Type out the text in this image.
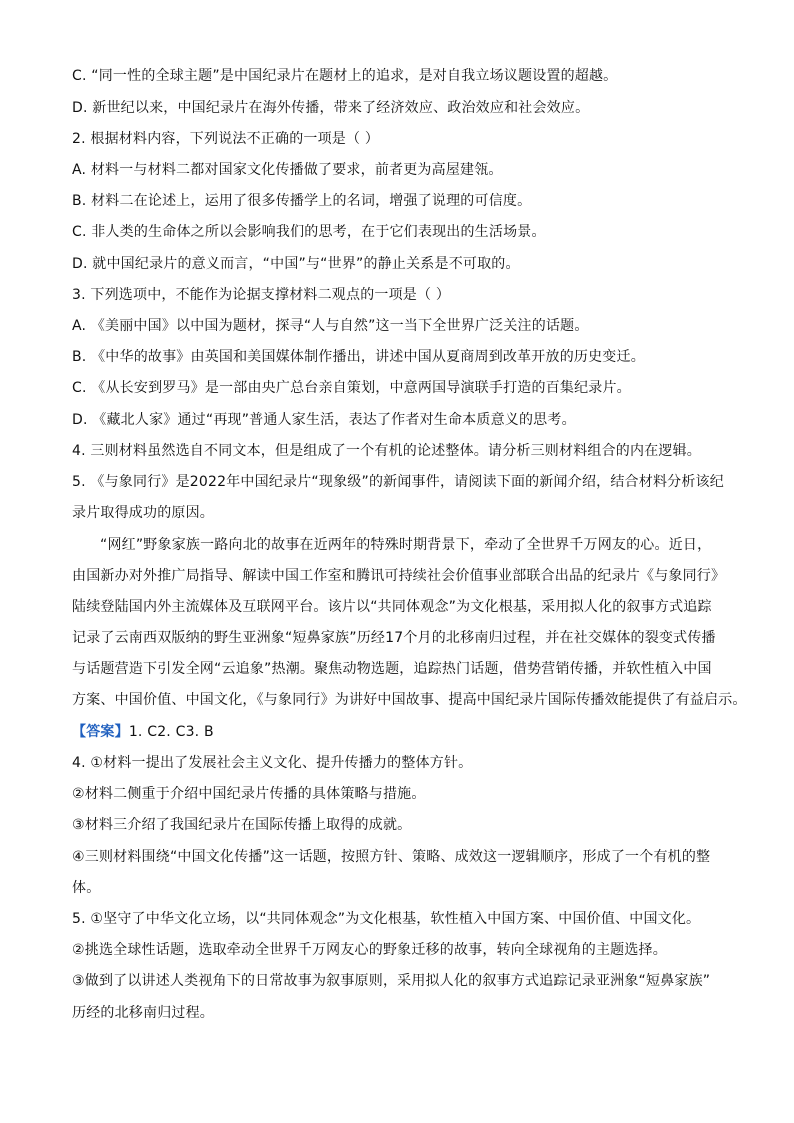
C. “同一性的全球主题”是中国纪录片在题材上的追求，是对自我立场议题设置的超越。
D. 新世纪以来，中国纪录片在海外传播，带来了经济效应、政治效应和社会效应。
2. 根据材料内容，下列说法不正确的一项是（ ）
A. 材料一与材料二都对国家文化传播做了要求，前者更为高屋建瓴。
B. 材料二在论述上，运用了很多传播学上的名词，增强了说理的可信度。
C. 非人类的生命体之所以会影响我们的思考，在于它们表现出的生活场景。
D. 就中国纪录片的意义而言，“中国”与“世界”的静止关系是不可取的。
3. 下列选项中，不能作为论据支撑材料二观点的一项是（ ）
A. 《美丽中国》以中国为题材，探寻“人与自然”这一当下全世界广泛关注的话题。
B. 《中华的故事》由英国和美国媒体制作播出，讲述中国从夏商周到改革开放的历史变迁。
C. 《从长安到罗马》是一部由央广总台亲自策划，中意两国导演联手打造的百集纪录片。
D. 《藏北人家》通过“再现”普通人家生活，表达了作者对生命本质意义的思考。
4. 三则材料虽然选自不同文本，但是组成了一个有机的论述整体。请分析三则材料组合的内在逻辑。
5. 《与象同行》是2022年中国纪录片“现象级”的新闻事件，请阅读下面的新闻介绍，结合材料分析该纪
录片取得成功的原因。
“网红”野象家族一路向北的故事在近两年的特殊时期背景下，牵动了全世界千万网友的心。近日，
由国新办对外推广局指导、解读中国工作室和腾讯可持续社会价值事业部联合出品的纪录片《与象同行》
陆续登陆国内外主流媒体及互联网平台。该片以“共同体观念”为文化根基，采用拟人化的叙事方式追踪
记录了云南西双版纳的野生亚洲象“短鼻家族”历经17个月的北移南归过程，并在社交媒体的裂变式传播
与话题营造下引发全网“云追象”热潮。聚焦动物选题，追踪热门话题，借势营销传播，并软性植入中国
方案、中国价值、中国文化，《与象同行》为讲好中国故事、提高中国纪录片国际传播效能提供了有益启示。
【答案】1. C2. C3. B
4. ①材料一提出了发展社会主义文化、提升传播力的整体方针。
②材料二侧重于介绍中国纪录片传播的具体策略与措施。
③材料三介绍了我国纪录片在国际传播上取得的成就。
④三则材料围绕“中国文化传播”这一话题，按照方针、策略、成效这一逻辑顺序，形成了一个有机的整
体。
5. ①坚守了中华文化立场，以“共同体观念”为文化根基，软性植入中国方案、中国价值、中国文化。
②挑选全球性话题，选取牵动全世界千万网友心的野象迁移的故事，转向全球视角的主题选择。
③做到了以讲述人类视角下的日常故事为叙事原则，采用拟人化的叙事方式追踪记录亚洲象“短鼻家族”
历经的北移南归过程。
